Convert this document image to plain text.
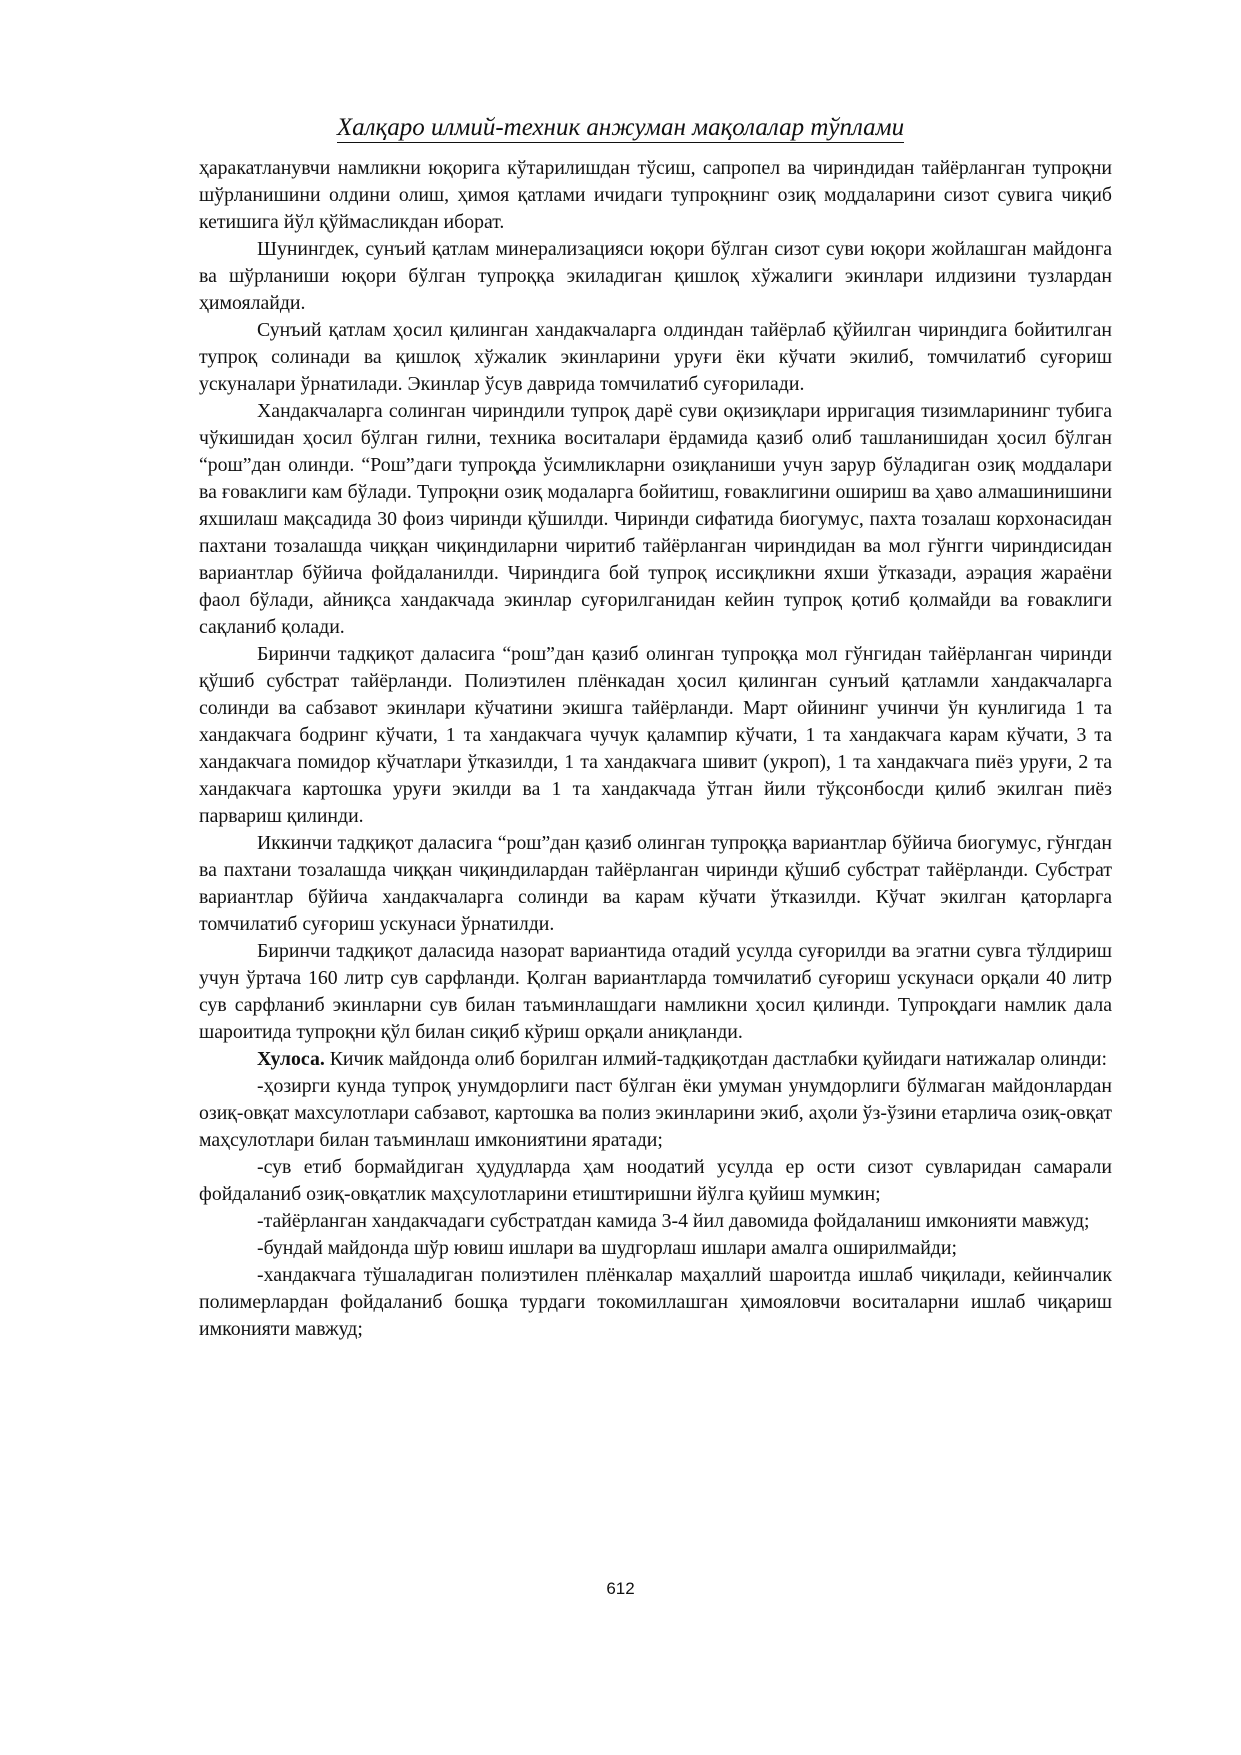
Халқаро илмий-техник анжуман мақолалар тўплами

ҳаракатланувчи намликни юқорига кўтарилишдан тўсиш, сапропел ва чириндидан тайёрланган тупроқни шўрланишини олдини олиш, ҳимоя қатлами ичидаги тупроқнинг озиқ моддаларини сизот сувига чиқиб кетишига йўл қўймасликдан иборат.

Шунингдек, сунъий қатлам минерализацияси юқори бўлган сизот суви юқори жойлашган майдонга ва шўрланиши юқори бўлган тупроққа экиладиган қишлоқ хўжалиги экинлари илдизини тузлардан ҳимоялайди.

Сунъий қатлам ҳосил қилинган хандакчаларга олдиндан тайёрлаб қўйилган чириндига бойитилган тупроқ солинади ва қишлоқ хўжалик экинларини уруғи ёки кўчати экилиб, томчилатиб суғориш ускуналари ўрнатилади. Экинлар ўсув даврида томчилатиб суғорилади.

Хандакчаларга солинган чириндили тупроқ дарё суви оқизиқлари ирригация тизимларининг тубига чўкишидан ҳосил бўлган гилни, техника воситалари ёрдамида қазиб олиб ташланишидан ҳосил бўлган “рош”дан олинди. “Рош”даги тупроқда ўсимликларни озиқланиши учун зарур бўладиган озиқ моддалари ва ғоваклиги кам бўлади. Тупроқни озиқ модаларга бойитиш, ғоваклигини ошириш ва ҳаво алмашинишини яхшилаш мақсадида 30 фоиз чиринди қўшилди. Чиринди сифатида биогумус, пахта тозалаш корхонасидан пахтани тозалашда чиққан чиқиндиларни чиритиб тайёрланган чириндидан ва мол гўнгги чириндисидан вариантлар бўйича фойдаланилди. Чириндига бой тупроқ иссиқликни яхши ўтказади, аэрация жараёни фаол бўлади, айниқса хандакчада экинлар суғорилганидан кейин тупроқ қотиб қолмайди ва ғоваклиги сақланиб қолади.

Биринчи тадқиқот даласига “рош”дан қазиб олинган тупроққа мол гўнгидан тайёрланган чиринди қўшиб субстрат тайёрланди. Полиэтилен плёнкадан ҳосил қилинган сунъий қатламли хандакчаларга солинди ва сабзавот экинлари кўчатини экишга тайёрланди. Март ойининг учинчи ўн кунлигида 1 та хандакчага бодринг кўчати, 1 та хандакчага чучук қалампир кўчати, 1 та хандакчага карам кўчати, 3 та хандакчага помидор кўчатлари ўтказилди, 1 та хандакчага шивит (укроп), 1 та хандакчага пиёз уруғи, 2 та хандакчага картошка уруғи экилди ва 1 та хандакчада ўтган йили тўқсонбосди қилиб экилган пиёз парвариш қилинди.

Иккинчи тадқиқот даласига “рош”дан қазиб олинган тупроққа вариантлар бўйича биогумус, гўнгдан ва пахтани тозалашда чиққан чиқиндилардан тайёрланган чиринди қўшиб субстрат тайёрланди. Субстрат вариантлар бўйича хандакчаларга солинди ва карам кўчати ўтказилди. Кўчат экилган қаторларга томчилатиб суғориш ускунаси ўрнатилди.

Биринчи тадқиқот даласида назорат вариантида отадий усулда суғорилди ва эгатни сувга тўлдириш учун ўртача 160 литр сув сарфланди. Қолган вариантларда томчилатиб суғориш ускунаси орқали 40 литр сув сарфланиб экинларни сув билан таъминлашдаги намликни ҳосил қилинди. Тупроқдаги намлик дала шароитида тупроқни қўл билан сиқиб кўриш орқали аниқланди.

Хулоса. Кичик майдонда олиб борилган илмий-тадқиқотдан дастлабки қуйидаги натижалар олинди:

-ҳозирги кунда тупроқ унумдорлиги паст бўлган ёки умуман унумдорлиги бўлмаган майдонлардан озиқ-овқат махсулотлари сабзавот, картошка ва полиз экинларини экиб, аҳоли ўз-ўзини етарлича озиқ-овқат маҳсулотлари билан таъминлаш имкониятини яратади;

-сув етиб бормайдиган ҳудудларда ҳам ноодатий усулда ер ости сизот сувларидан самарали фойдаланиб озиқ-овқатлик маҳсулотларини етиштиришни йўлга қуйиш мумкин;

-тайёрланган хандакчадаги субстратдан камида 3-4 йил давомида фойдаланиш имконияти мавжуд;

-бундай майдонда шўр ювиш ишлари ва шудгорлаш ишлари амалга оширилмайди;

-хандакчага тўшаладиган полиэтилен плёнкалар маҳаллий шароитда ишлаб чиқилади, кейинчалик полимерлардан фойдаланиб бошқа турдаги токомиллашган ҳимояловчи воситаларни ишлаб чиқариш имконияти мавжуд;

612
